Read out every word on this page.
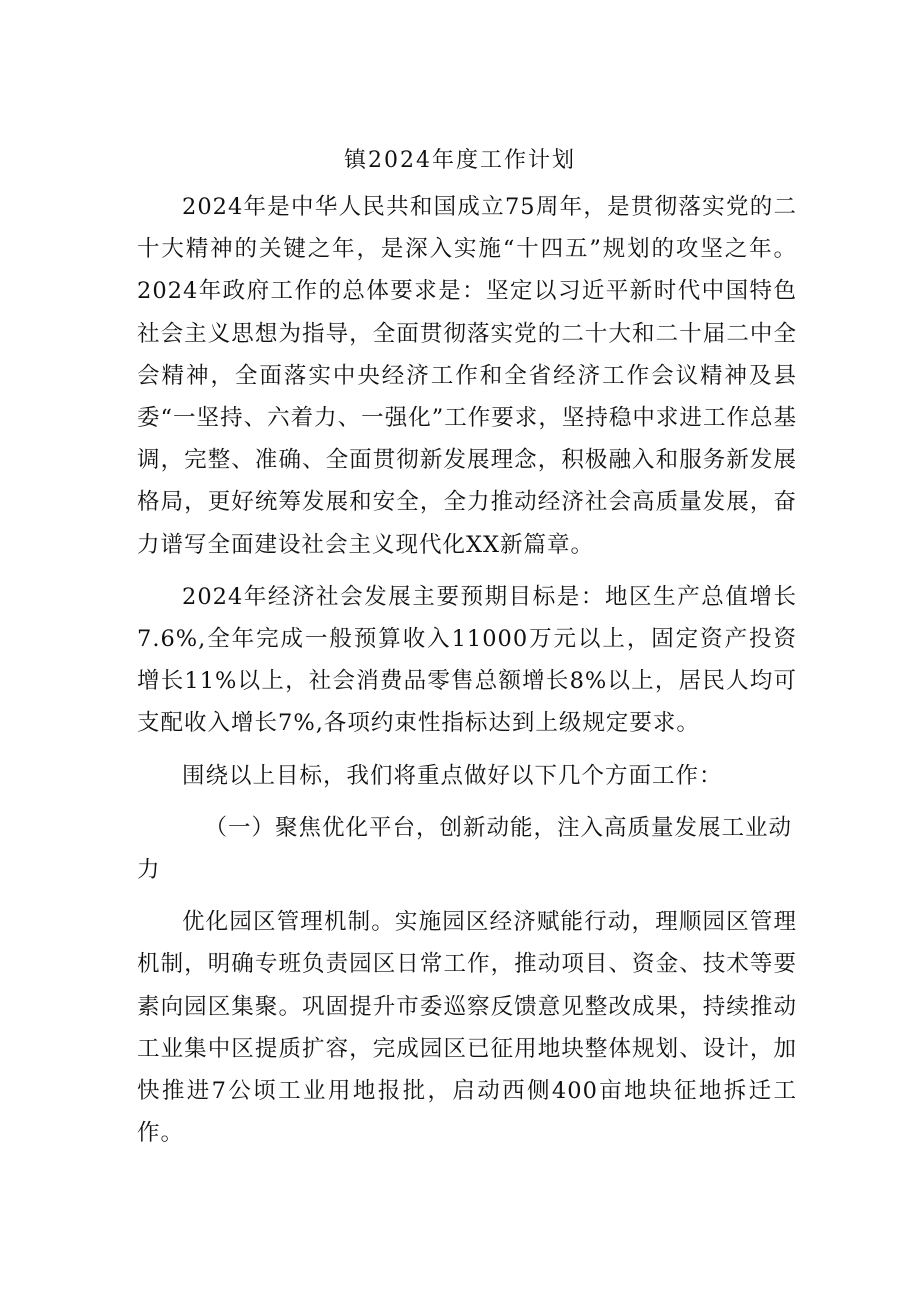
镇2024年度工作计划

2024年是中华人民共和国成立75周年，是贯彻落实党的二十大精神的关键之年，是深入实施“十四五”规划的攻坚之年。2024年政府工作的总体要求是：坚定以习近平新时代中国特色社会主义思想为指导，全面贯彻落实党的二十大和二十届二中全会精神，全面落实中央经济工作和全省经济工作会议精神及县委“一坚持、六着力、一强化”工作要求，坚持稳中求进工作总基调，完整、准确、全面贯彻新发展理念，积极融入和服务新发展格局，更好统筹发展和安全，全力推动经济社会高质量发展，奋力谱写全面建设社会主义现代化XX新篇章。

2024年经济社会发展主要预期目标是：地区生产总值增长7.6%,全年完成一般预算收入11000万元以上，固定资产投资增长11%以上，社会消费品零售总额增长8%以上，居民人均可支配收入增长7%,各项约束性指标达到上级规定要求。

围绕以上目标，我们将重点做好以下几个方面工作：

（一）聚焦优化平台，创新动能，注入高质量发展工业动力

优化园区管理机制。实施园区经济赋能行动，理顺园区管理机制，明确专班负责园区日常工作，推动项目、资金、技术等要素向园区集聚。巩固提升市委巡察反馈意见整改成果，持续推动工业集中区提质扩容，完成园区已征用地块整体规划、设计，加快推进7公顷工业用地报批，启动西侧400亩地块征地拆迁工作。
